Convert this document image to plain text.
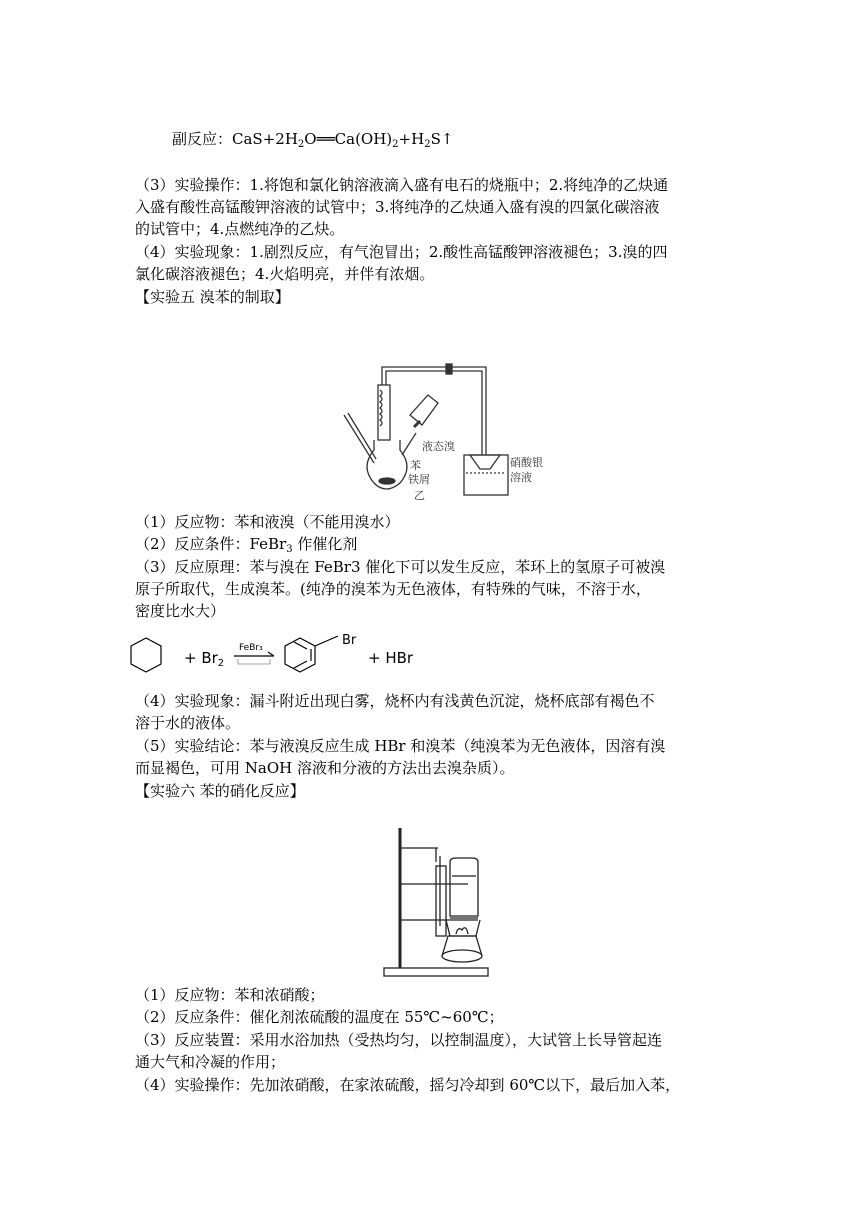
副反应：$CaS+2H_2O══Ca(OH)_2+H_2S↑$
（3）实验操作：1.将饱和氯化钠溶液滴入盛有电石的烧瓶中；2.将纯净的乙炔通
入盛有酸性高锰酸钾溶液的试管中；3.将纯净的乙炔通入盛有溴的四氯化碳溶液
的试管中；4.点燃纯净的乙炔。
（4）实验现象：1.剧烈反应，有气泡冒出；2.酸性高锰酸钾溶液褪色；3.溴的四
氯化碳溶液褪色；4.火焰明亮，并伴有浓烟。
【实验五 溴苯的制取】
液态溴
苯
铁屑
乙
硝酸银
溶液
（1）反应物：苯和液溴（不能用溴水）
（2）反应条件：FeBr$_3$ 作催化剂
（3）反应原理：苯与溴在 FeBr3 催化下可以发生反应，苯环上的氢原子可被溴
原子所取代，生成溴苯。(纯净的溴苯为无色液体，有特殊的气味，不溶于水，
密度比水大）
+ $Br_2$
FeBr₃	Br
+ HBr
（4）实验现象：漏斗附近出现白雾，烧杯内有浅黄色沉淀，烧杯底部有褐色不
溶于水的液体。
（5）实验结论：苯与液溴反应生成 HBr 和溴苯（纯溴苯为无色液体，因溶有溴
而显褐色，可用 NaOH 溶液和分液的方法出去溴杂质）。
【实验六 苯的硝化反应】
（1）反应物：苯和浓硝酸；
（2）反应条件：催化剂浓硫酸的温度在 55℃~60℃；
（3）反应装置：采用水浴加热（受热均匀，以控制温度），大试管上长导管起连
通大气和冷凝的作用；
（4）实验操作：先加浓硝酸，在家浓硫酸，摇匀冷却到 60℃以下，最后加入苯，
